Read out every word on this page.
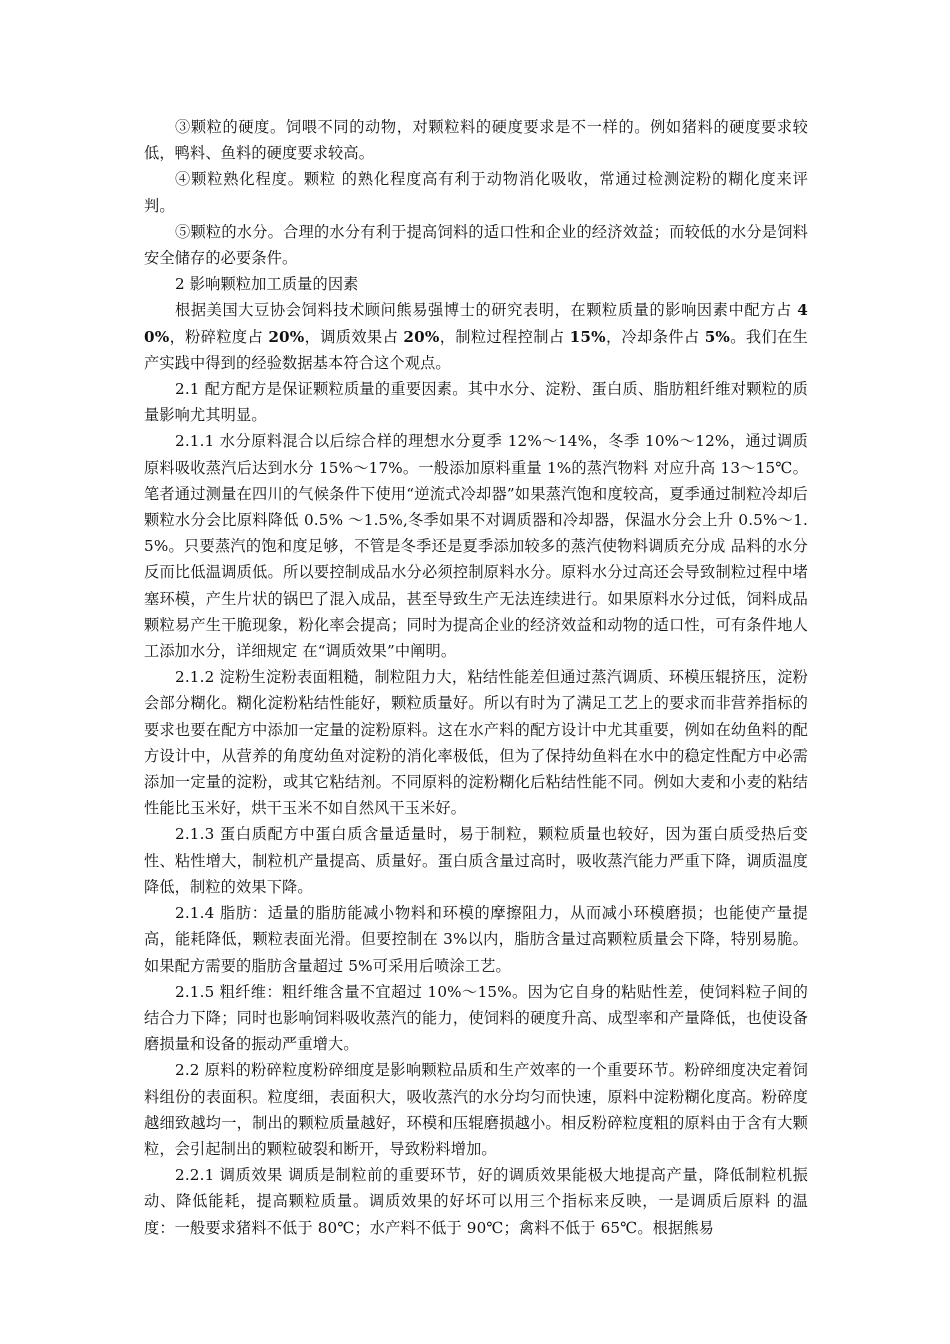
③颗粒的硬度。饲喂不同的动物，对颗粒料的硬度要求是不一样的。例如猪料的硬度要求较低，鸭料、鱼料的硬度要求较高。

④颗粒熟化程度。颗粒 的熟化程度高有利于动物消化吸收，常通过检测淀粉的糊化度来评判。

⑤颗粒的水分。合理的水分有利于提高饲料的适口性和企业的经济效益；而较低的水分是饲料 安全储存的必要条件。

2 影响颗粒加工质量的因素

根据美国大豆协会饲料技术顾问熊易强博士的研究表明，在颗粒质量的影响因素中配方占 40%，粉碎粒度占 20%，调质效果占 20%，制粒过程控制占 15%，冷却条件占 5%。我们在生产实践中得到的经验数据基本符合这个观点。

2.1 配方配方是保证颗粒质量的重要因素。其中水分、淀粉、蛋白质、脂肪粗纤维对颗粒的质量影响尤其明显。

2.1.1 水分原料混合以后综合样的理想水分夏季 12%～14%，冬季 10%～12%，通过调质原料吸收蒸汽后达到水分 15%～17%。一般添加原料重量 1%的蒸汽物料 对应升高 13～15℃。笔者通过测量在四川的气候条件下使用“逆流式冷却器”如果蒸汽饱和度较高，夏季通过制粒冷却后颗粒水分会比原料降低 0.5% ～1.5%,冬季如果不对调质器和冷却器，保温水分会上升 0.5%～1.5%。只要蒸汽的饱和度足够，不管是冬季还是夏季添加较多的蒸汽使物料调质充分成 品料的水分反而比低温调质低。所以要控制成品水分必须控制原料水分。原料水分过高还会导致制粒过程中堵塞环模，产生片状的锅巴了混入成品，甚至导致生产无法连续进行。如果原料水分过低，饲料成品颗粒易产生干脆现象，粉化率会提高；同时为提高企业的经济效益和动物的适口性，可有条件地人工添加水分，详细规定 在“调质效果”中阐明。

2.1.2 淀粉生淀粉表面粗糙，制粒阻力大，粘结性能差但通过蒸汽调质、环模压辊挤压，淀粉会部分糊化。糊化淀粉粘结性能好，颗粒质量好。所以有时为了满足工艺上的要求而非营养指标的要求也要在配方中添加一定量的淀粉原料。这在水产料的配方设计中尤其重要，例如在幼鱼料的配方设计中，从营养的角度幼鱼对淀粉的消化率极低，但为了保持幼鱼料在水中的稳定性配方中必需添加一定量的淀粉，或其它粘结剂。不同原料的淀粉糊化后粘结性能不同。例如大麦和小麦的粘结性能比玉米好，烘干玉米不如自然风干玉米好。

2.1.3 蛋白质配方中蛋白质含量适量时，易于制粒，颗粒质量也较好，因为蛋白质受热后变性、粘性增大，制粒机产量提高、质量好。蛋白质含量过高时，吸收蒸汽能力严重下降，调质温度降低，制粒的效果下降。

2.1.4 脂肪：适量的脂肪能减小物料和环模的摩擦阻力，从而减小环模磨损；也能使产量提高，能耗降低，颗粒表面光滑。但要控制在 3%以内，脂肪含量过高颗粒质量会下降，特别易脆。如果配方需要的脂肪含量超过 5%可采用后喷涂工艺。

2.1.5 粗纤维：粗纤维含量不宜超过 10%～15%。因为它自身的粘贴性差，使饲料粒子间的结合力下降；同时也影响饲料吸收蒸汽的能力，使饲料的硬度升高、成型率和产量降低，也使设备磨损量和设备的振动严重增大。

2.2 原料的粉碎粒度粉碎细度是影响颗粒品质和生产效率的一个重要环节。粉碎细度决定着饲料组份的表面积。粒度细，表面积大，吸收蒸汽的水分均匀而快速，原料中淀粉糊化度高。粉碎度越细致越均一，制出的颗粒质量越好，环模和压辊磨损越小。相反粉碎粒度粗的原料由于含有大颗粒，会引起制出的颗粒破裂和断开，导致粉料增加。

2.2.1 调质效果 调质是制粒前的重要环节，好的调质效果能极大地提高产量，降低制粒机振动、降低能耗，提高颗粒质量。调质效果的好坏可以用三个指标来反映，一是调质后原料 的温度：一般要求猪料不低于 80℃；水产料不低于 90℃；禽料不低于 65℃。根据熊易
